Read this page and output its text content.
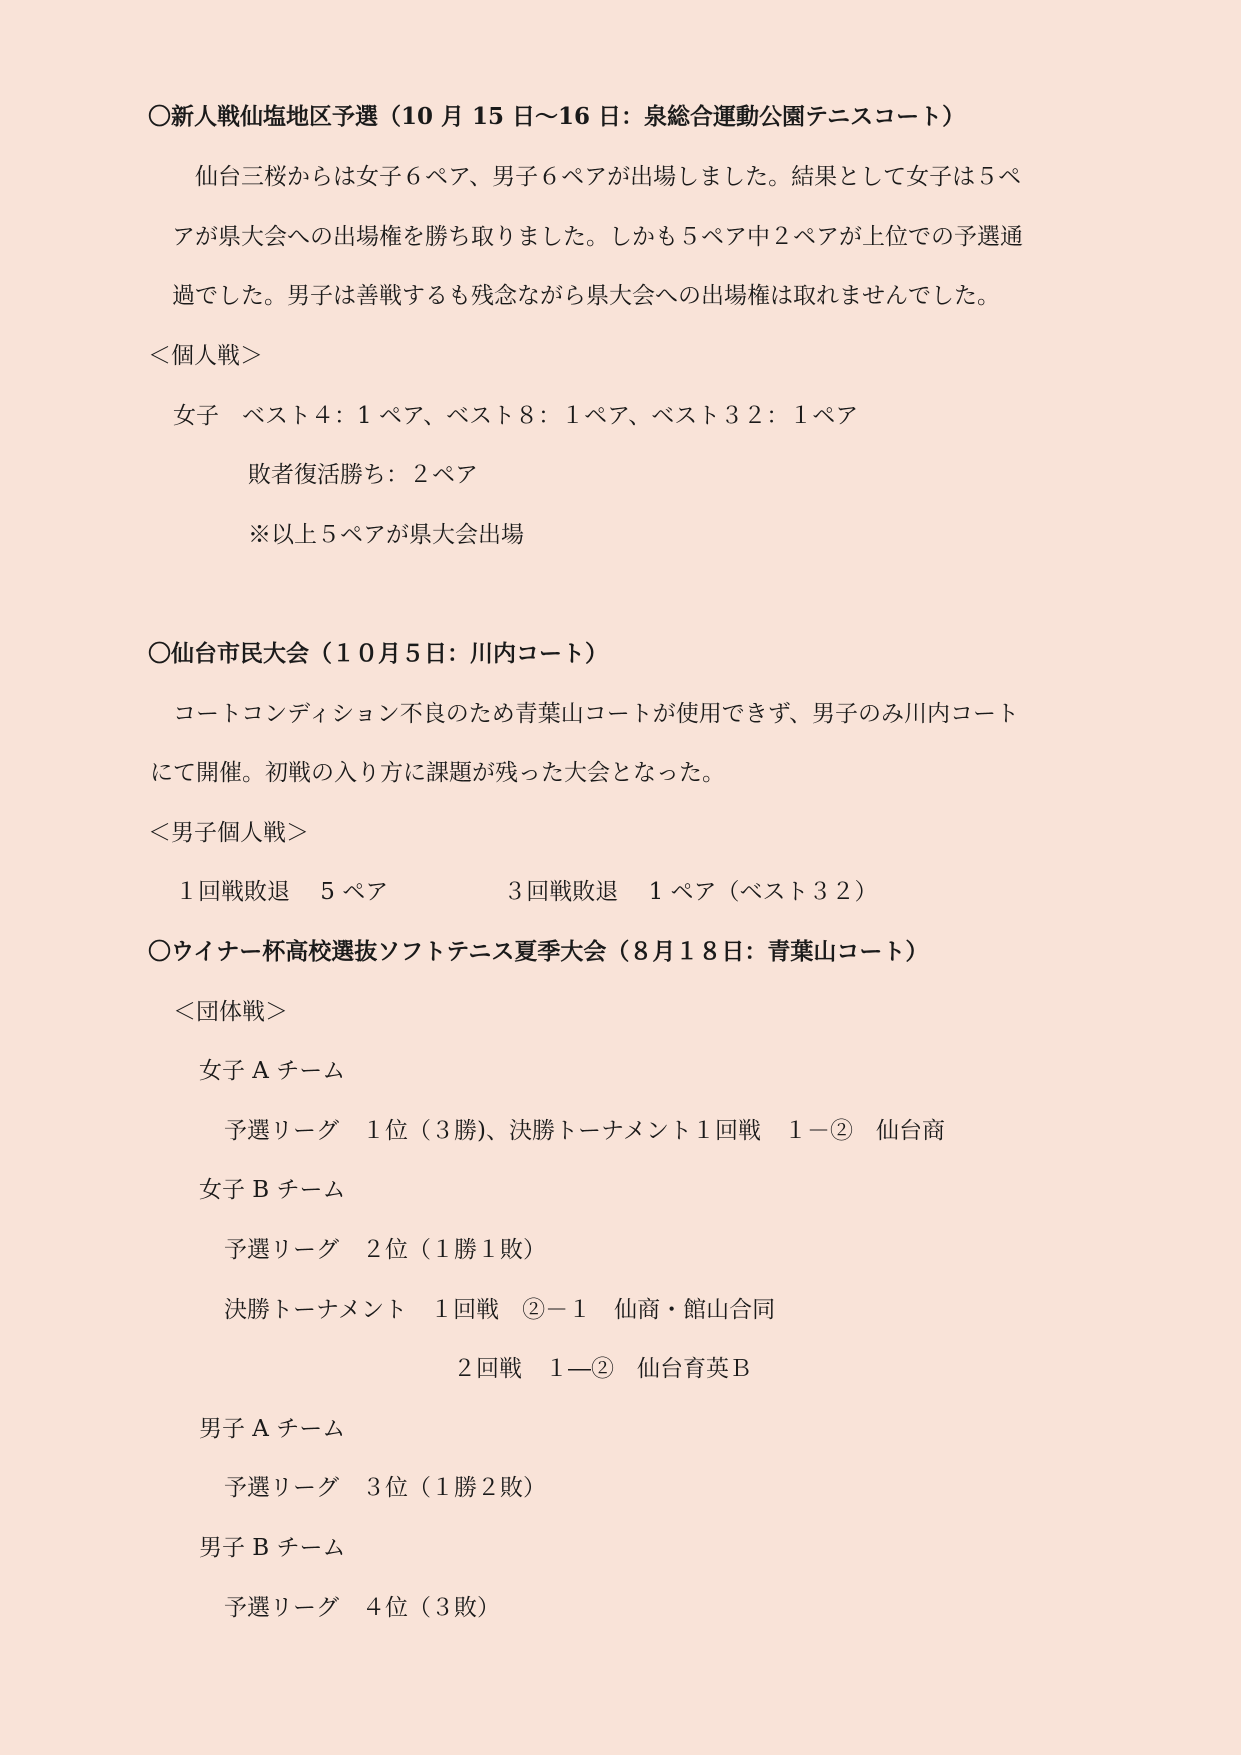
〇新人戦仙塩地区予選（10 月 15 日〜16 日：泉総合運動公園テニスコート）
　仙台三桜からは女子６ペア、男子６ペアが出場しました。結果として女子は５ペ
アが県大会への出場権を勝ち取りました。しかも５ペア中２ペアが上位での予選通
過でした。男子は善戦するも残念ながら県大会への出場権は取れませんでした。
＜個人戦＞
女子　ベスト４：1 ペア、ベスト８：１ペア、ベスト３２：１ペア
敗者復活勝ち：２ペア
※以上５ペアが県大会出場
〇仙台市民大会（１０月５日：川内コート）
　コートコンディション不良のため青葉山コートが使用できず、男子のみ川内コート
にて開催。初戦の入り方に課題が残った大会となった。
＜男子個人戦＞
　１回戦敗退　 5 ペア　　　　　３回戦敗退　 1 ペア（ベスト３２）
〇ウイナー杯高校選抜ソフトテニス夏季大会（８月１８日：青葉山コート）
＜団体戦＞
女子 A チーム
予選リーグ　１位（３勝)、決勝トーナメント１回戦　１－②　仙台商
女子 B チーム
予選リーグ　２位（１勝１敗）
決勝トーナメント　１回戦　②－１　仙商・館山合同
２回戦　１―②　仙台育英Ｂ
男子 A チーム
予選リーグ　３位（１勝２敗）
男子 B チーム
予選リーグ　４位（３敗）
